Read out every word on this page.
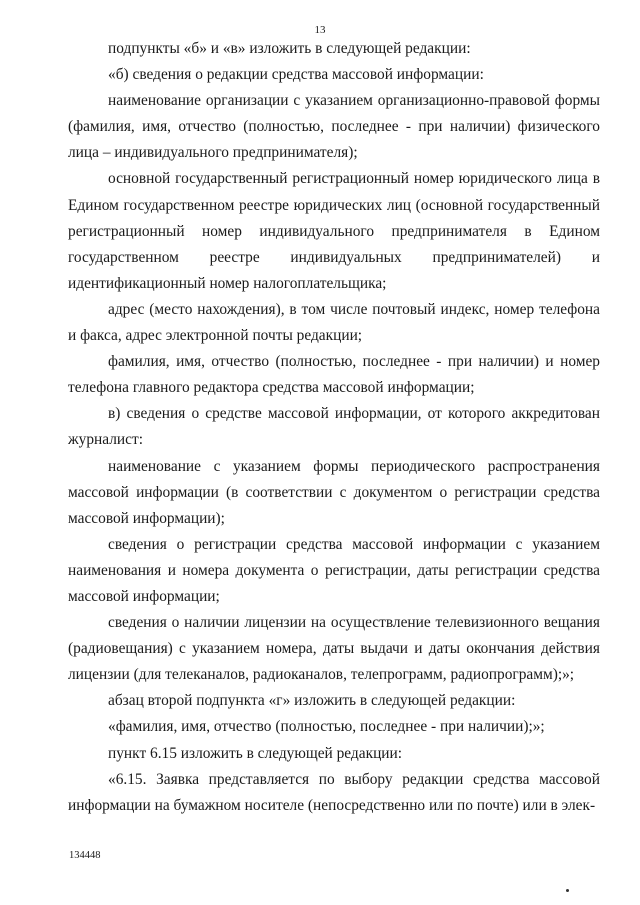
13

подпункты «б» и «в» изложить в следующей редакции:

«б) сведения о редакции средства массовой информации:

наименование организации с указанием организационно-правовой формы (фамилия, имя, отчество (полностью, последнее - при наличии) физического лица – индивидуального предпринимателя);

основной государственный регистрационный номер юридического лица в Едином государственном реестре юридических лиц (основной государственный регистрационный номер индивидуального предпринимателя в Едином государственном реестре индивидуальных предпринимателей) и идентификационный номер налогоплательщика;

адрес (место нахождения), в том числе почтовый индекс, номер телефона и факса, адрес электронной почты редакции;

фамилия, имя, отчество (полностью, последнее - при наличии) и номер телефона главного редактора средства массовой информации;

в) сведения о средстве массовой информации, от которого аккредитован журналист:

наименование с указанием формы периодического распространения массовой информации (в соответствии с документом о регистрации средства массовой информации);

сведения о регистрации средства массовой информации с указанием наименования и номера документа о регистрации, даты регистрации средства массовой информации;

сведения о наличии лицензии на осуществление телевизионного вещания (радиовещания) с указанием номера, даты выдачи и даты окончания действия лицензии (для телеканалов, радиоканалов, телепрограмм, радиопрограмм);»;

абзац второй подпункта «г» изложить в следующей редакции:

«фамилия, имя, отчество (полностью, последнее - при наличии);»;

пункт 6.15 изложить в следующей редакции:

«6.15. Заявка представляется по выбору редакции средства массовой информации на бумажном носителе (непосредственно или по почте) или в элек-

134448
